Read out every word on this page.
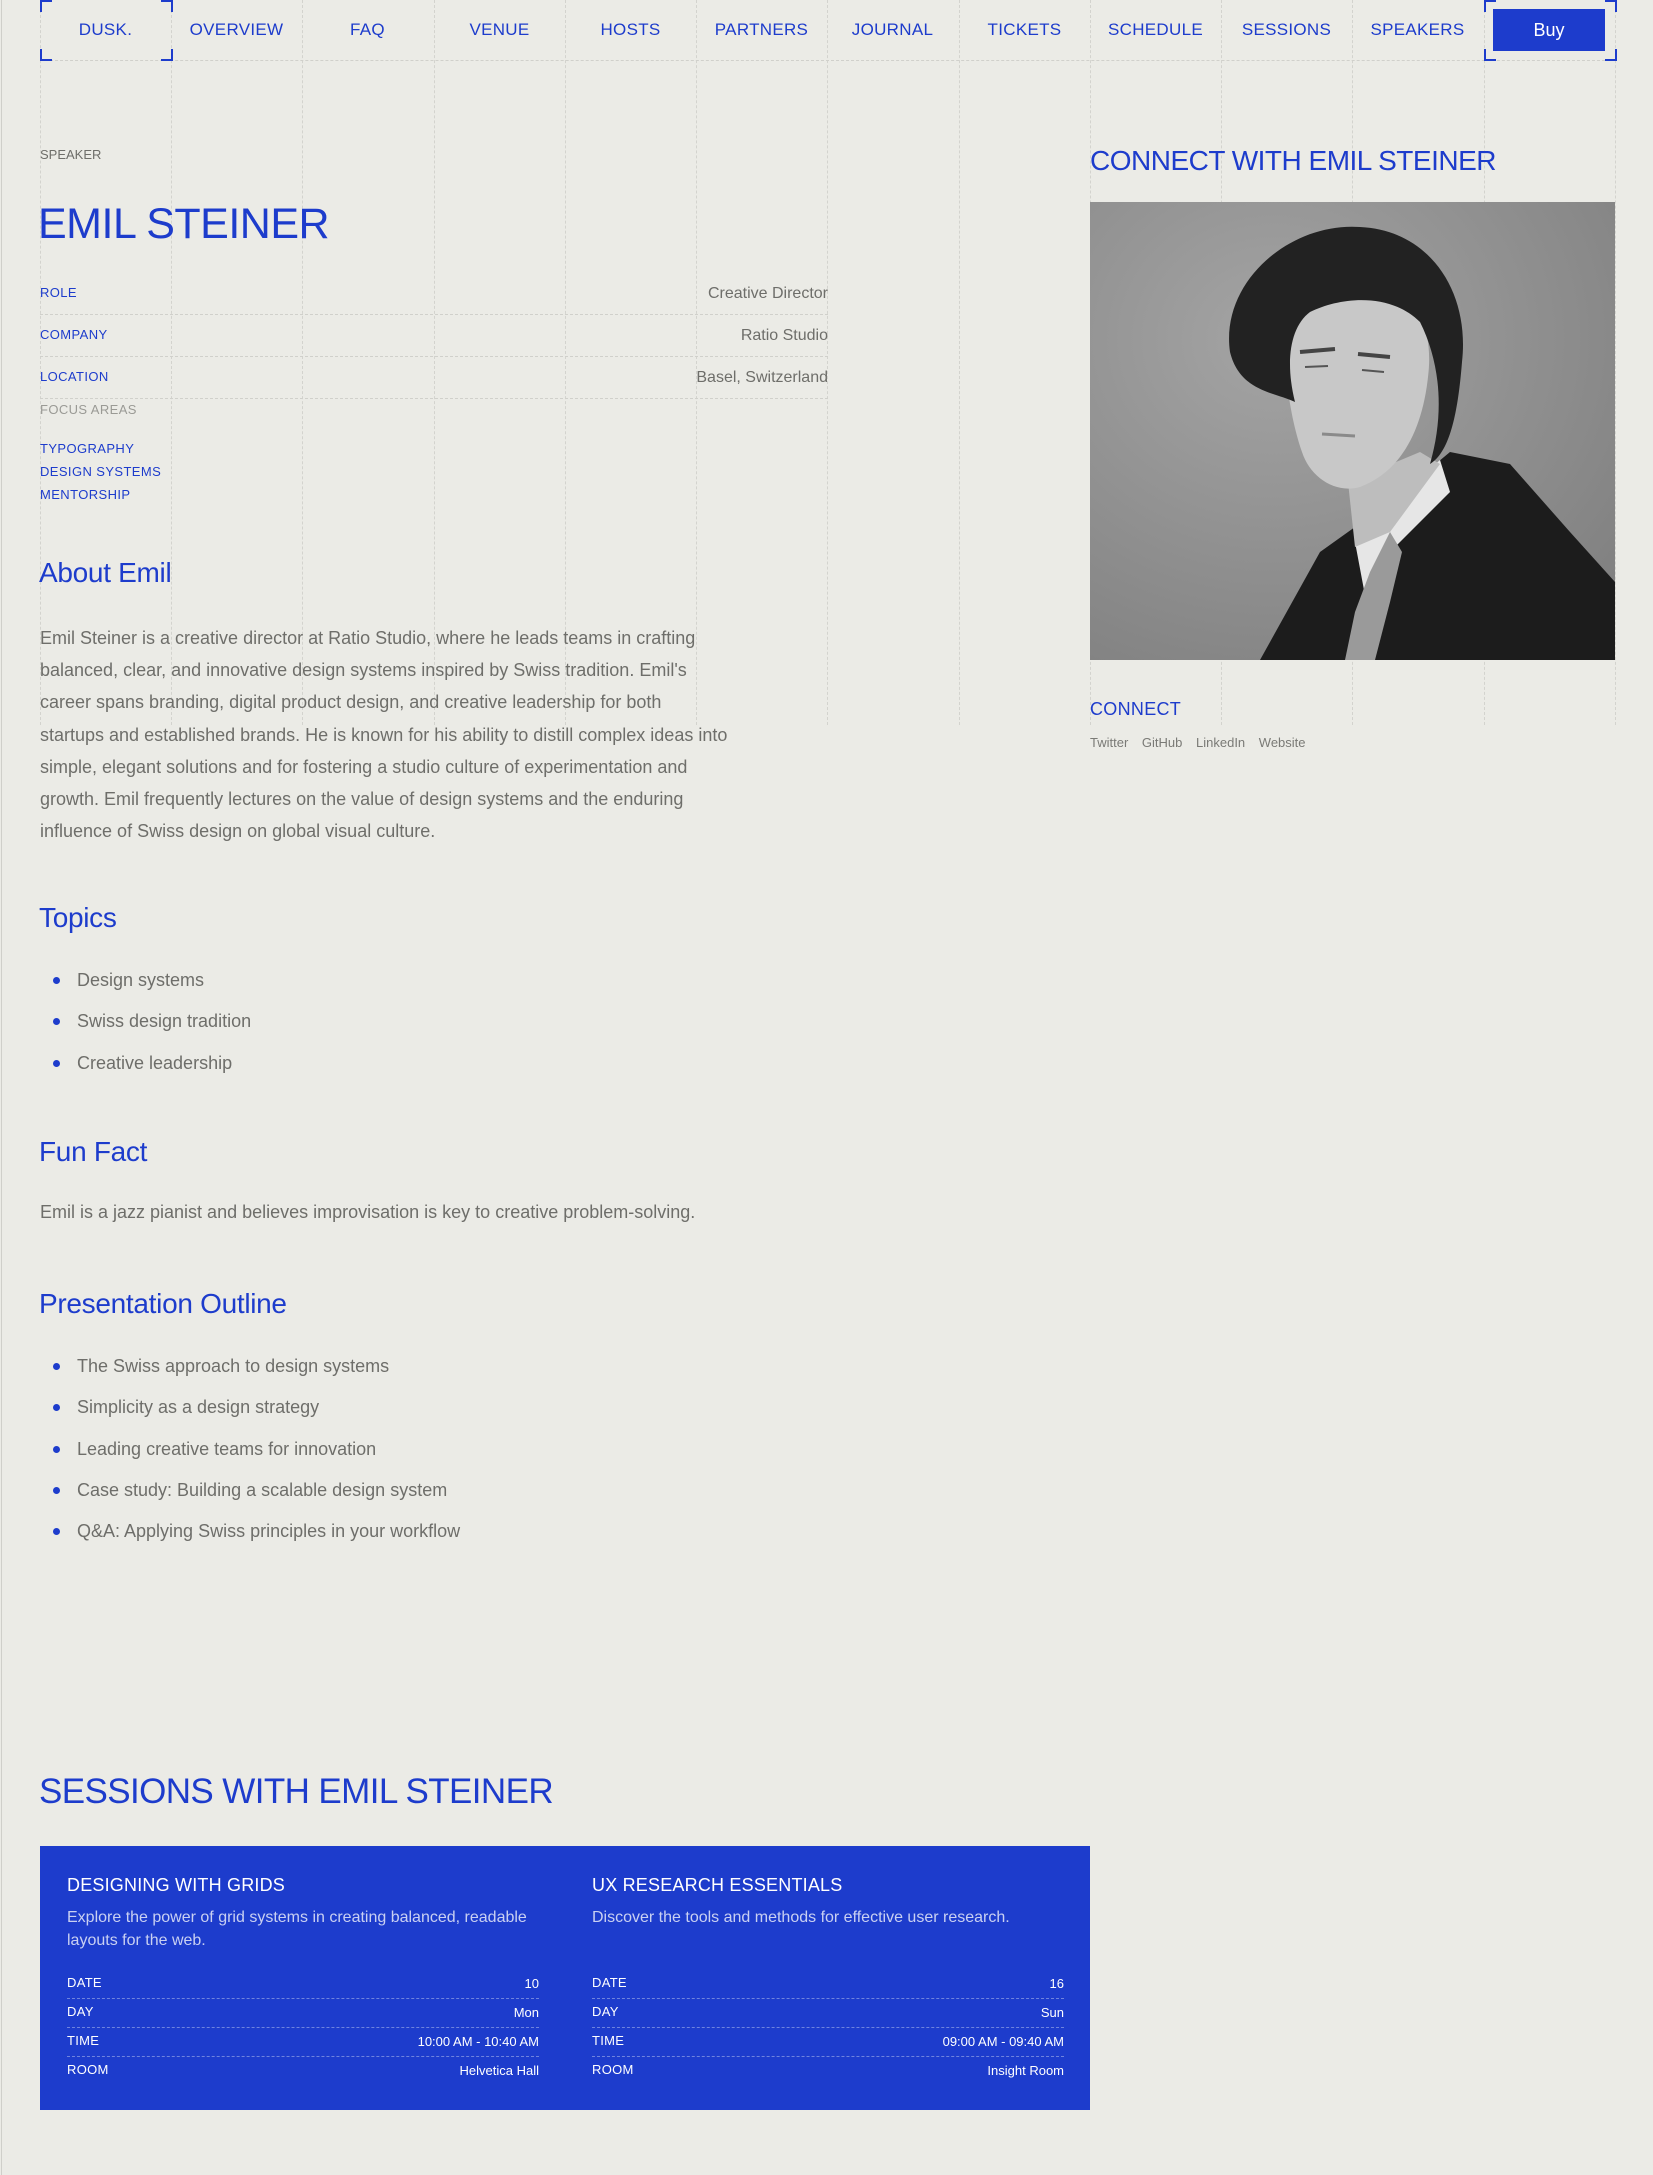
DUSK.	OVERVIEW	FAQ	VENUE	HOSTS	PARTNERS	JOURNAL	TICKETS	SCHEDULE	SESSIONS	SPEAKERS	Buy
SPEAKER
EMIL STEINER
ROLE	Creative Director
COMPANY	Ratio Studio
LOCATION	Basel, Switzerland
FOCUS AREAS
TYPOGRAPHY
DESIGN SYSTEMS
MENTORSHIP
About Emil

Emil Steiner is a creative director at Ratio Studio, where he leads teams in crafting balanced, clear, and innovative design systems inspired by Swiss tradition. Emil's career spans branding, digital product design, and creative leadership for both startups and established brands. He is known for his ability to distill complex ideas into simple, elegant solutions and for fostering a studio culture of experimentation and growth. Emil frequently lectures on the value of design systems and the enduring influence of Swiss design on global visual culture.

Topics
Design systems
Swiss design tradition
Creative leadership
Fun Fact

Emil is a jazz pianist and believes improvisation is key to creative problem-solving.

Presentation Outline
The Swiss approach to design systems
Simplicity as a design strategy
Leading creative teams for innovation
Case study: Building a scalable design system
Q&A: Applying Swiss principles in your workflow
CONNECT WITH EMIL STEINER
CONNECT
Twitter GitHub LinkedIn Website
SESSIONS WITH EMIL STEINER
DESIGNING WITH GRIDS

Explore the power of grid systems in creating balanced, readable layouts for the web.

DATE	10
DAY	Mon
TIME	10:00 AM - 10:40 AM
ROOM	Helvetica Hall
UX RESEARCH ESSENTIALS

Discover the tools and methods for effective user research.

DATE	16
DAY	Sun
TIME	09:00 AM - 09:40 AM
ROOM	Insight Room
